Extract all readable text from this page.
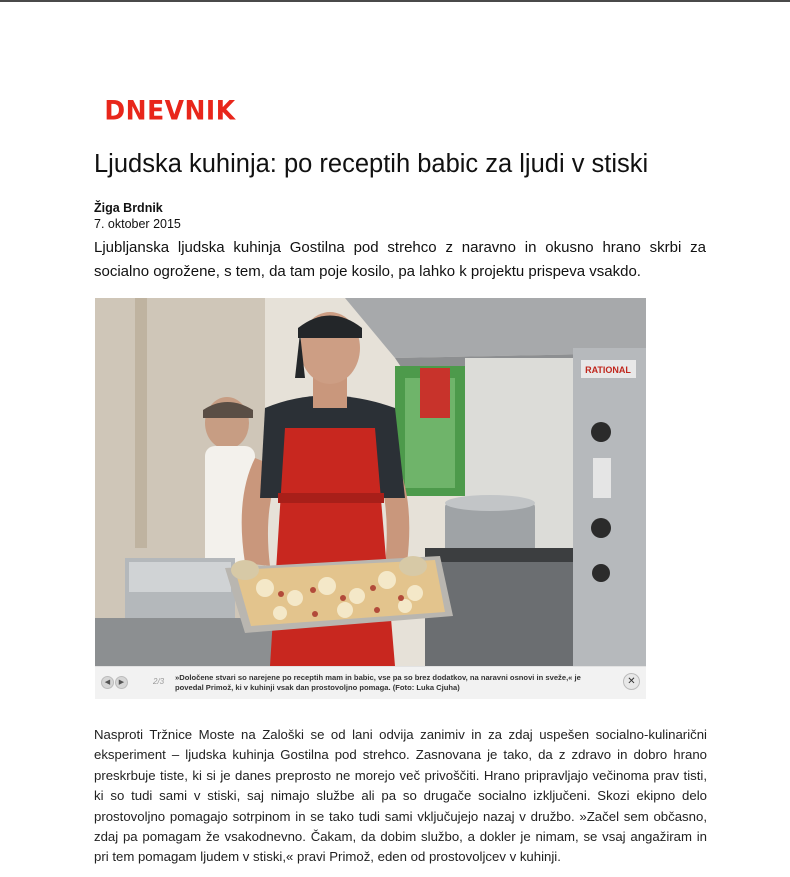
DNEVNIK
Ljudska kuhinja: po receptih babic za ljudi v stiski
Žiga Brdnik
7. oktober 2015

Ljubljanska ljudska kuhinja Gostilna pod strehco z naravno in okusno hrano skrbi za socialno ogrožene, s tem, da tam poje kosilo, pa lahko k projektu prispeva vsakdo.

RATIONAL
◀	▶	2/3 »Določene stvari so narejene po receptih mam in babic, vse pa so brez dodatkov, na naravni osnovi in sveže,« je povedal Primož, ki v kuhinji vsak dan prostovoljno pomaga. (Foto: Luka Cjuha)
✕

Nasproti Tržnice Moste na Zaloški se od lani odvija zanimiv in za zdaj uspešen socialno-kulinarični eksperiment – ljudska kuhinja Gostilna pod strehco. Zasnovana je tako, da z zdravo in dobro hrano preskrbuje tiste, ki si je danes preprosto ne morejo več privoščiti. Hrano pripravljajo večinoma prav tisti, ki so tudi sami v stiski, saj nimajo službe ali pa so drugače socialno izključeni. Skozi ekipno delo prostovoljno pomagajo sotrpinom in se tako tudi sami vključujejo nazaj v družbo. »Začel sem občasno, zdaj pa pomagam že vsakodnevno. Čakam, da dobim službo, a dokler je nimam, se vsaj angažiram in pri tem pomagam ljudem v stiski,« pravi Primož, eden od prostovoljcev v kuhinji.
